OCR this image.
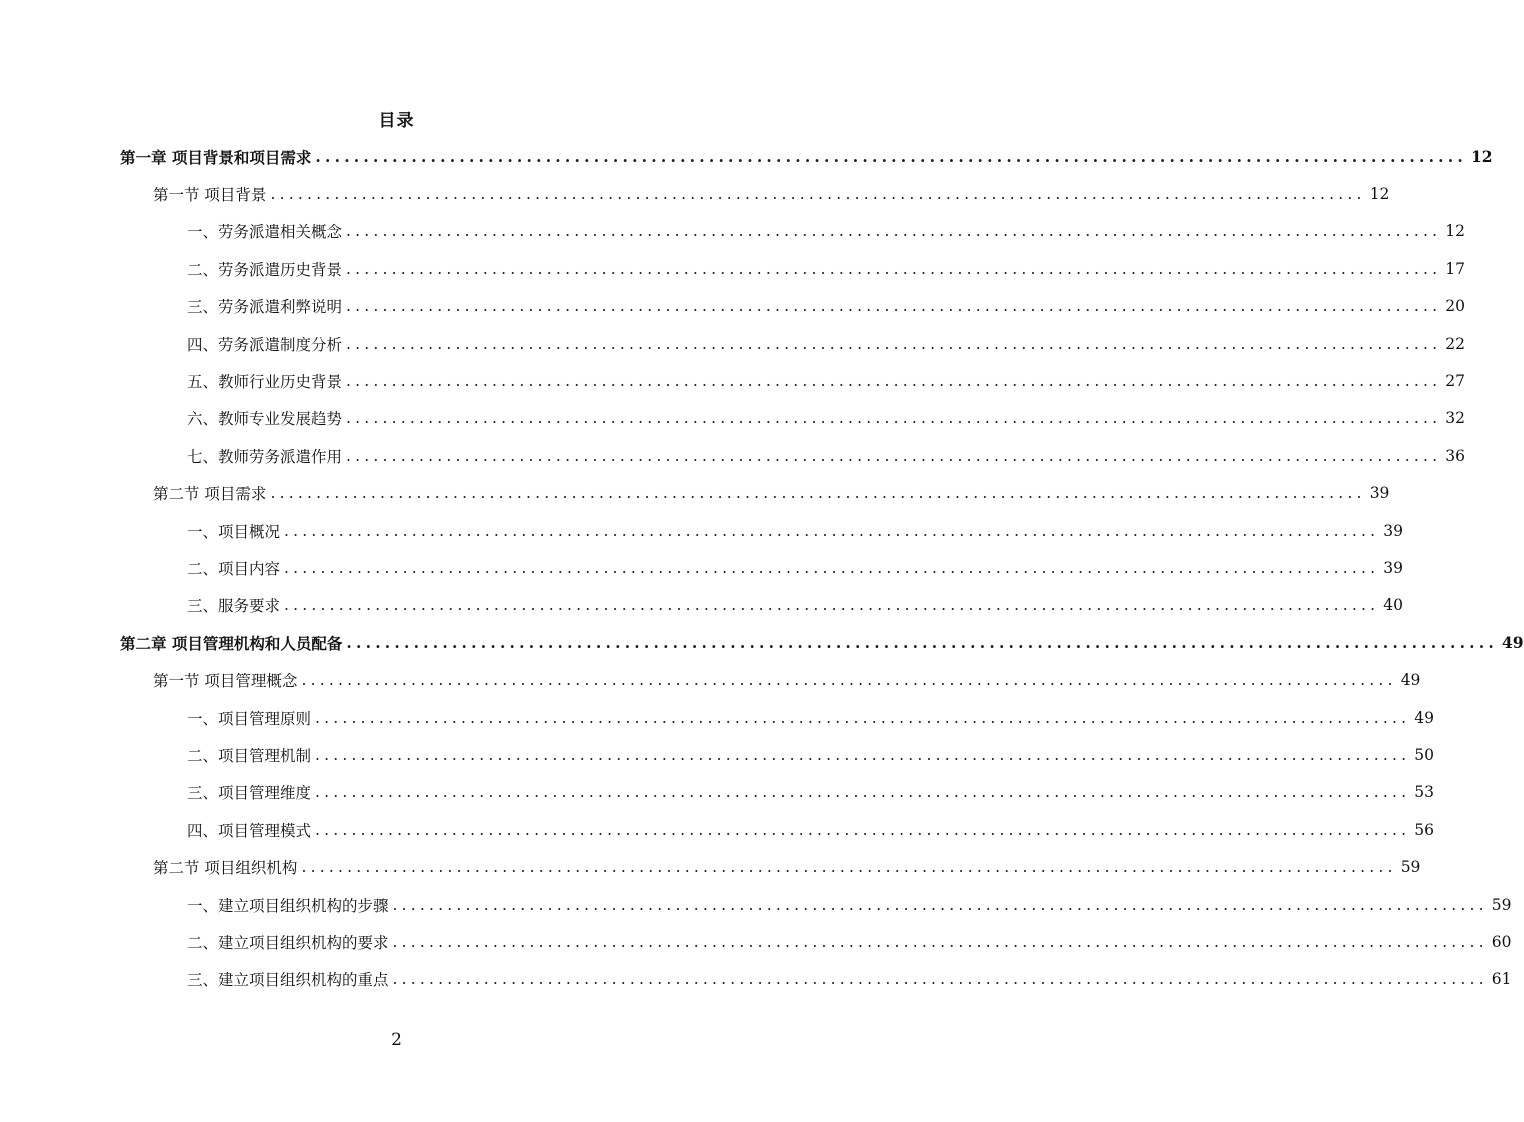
目录
第一章 项目背景和项目需求 ........................................................................................................................ 12
第一节 项目背景 ........................................................................................................................ 12
一、劳务派遣相关概念 ........................................................................................................................ 12
二、劳务派遣历史背景 ........................................................................................................................ 17
三、劳务派遣利弊说明 ........................................................................................................................ 20
四、劳务派遣制度分析 ........................................................................................................................ 22
五、教师行业历史背景 ........................................................................................................................ 27
六、教师专业发展趋势 ........................................................................................................................ 32
七、教师劳务派遣作用 ........................................................................................................................ 36
第二节 项目需求 ........................................................................................................................ 39
一、项目概况 ........................................................................................................................ 39
二、项目内容 ........................................................................................................................ 39
三、服务要求 ........................................................................................................................ 40
第二章 项目管理机构和人员配备 ........................................................................................................................ 49
第一节 项目管理概念 ........................................................................................................................ 49
一、项目管理原则 ........................................................................................................................ 49
二、项目管理机制 ........................................................................................................................ 50
三、项目管理维度 ........................................................................................................................ 53
四、项目管理模式 ........................................................................................................................ 56
第二节 项目组织机构 ........................................................................................................................ 59
一、建立项目组织机构的步骤 ........................................................................................................................ 59
二、建立项目组织机构的要求 ........................................................................................................................ 60
三、建立项目组织机构的重点 ........................................................................................................................ 61
2
